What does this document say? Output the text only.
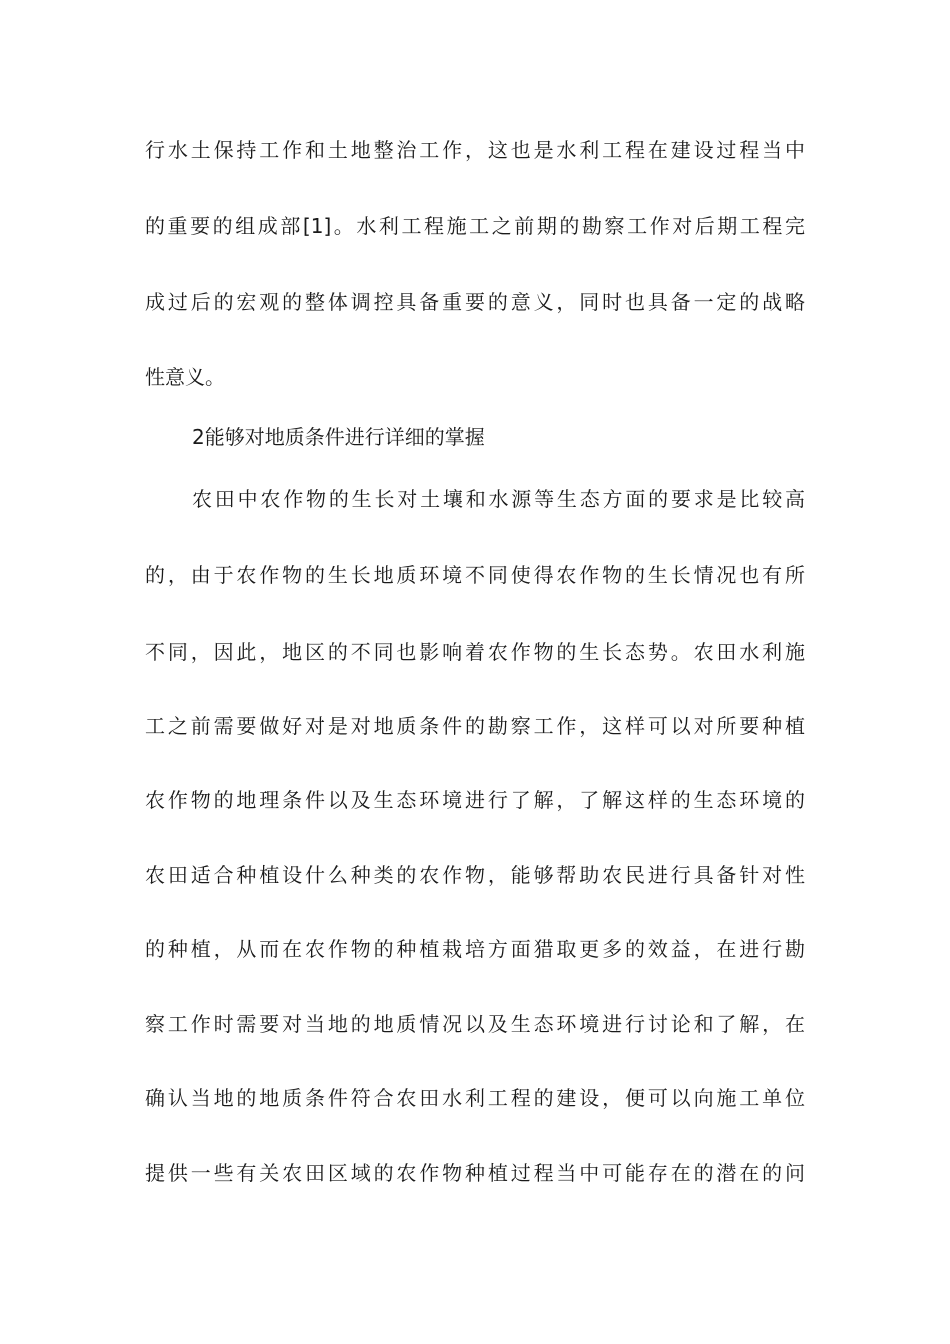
行水土保持工作和土地整治工作，这也是水利工程在建设过程当中
的重要的组成部[1]。水利工程施工之前期的勘察工作对后期工程完
成过后的宏观的整体调控具备重要的意义，同时也具备一定的战略
性意义。
2能够对地质条件进行详细的掌握
农田中农作物的生长对土壤和水源等生态方面的要求是比较高
的，由于农作物的生长地质环境不同使得农作物的生长情况也有所
不同，因此，地区的不同也影响着农作物的生长态势。农田水利施
工之前需要做好对是对地质条件的勘察工作，这样可以对所要种植
农作物的地理条件以及生态环境进行了解，了解这样的生态环境的
农田适合种植设什么种类的农作物，能够帮助农民进行具备针对性
的种植，从而在农作物的种植栽培方面猎取更多的效益，在进行勘
察工作时需要对当地的地质情况以及生态环境进行讨论和了解，在
确认当地的地质条件符合农田水利工程的建设，便可以向施工单位
提供一些有关农田区域的农作物种植过程当中可能存在的潜在的问
